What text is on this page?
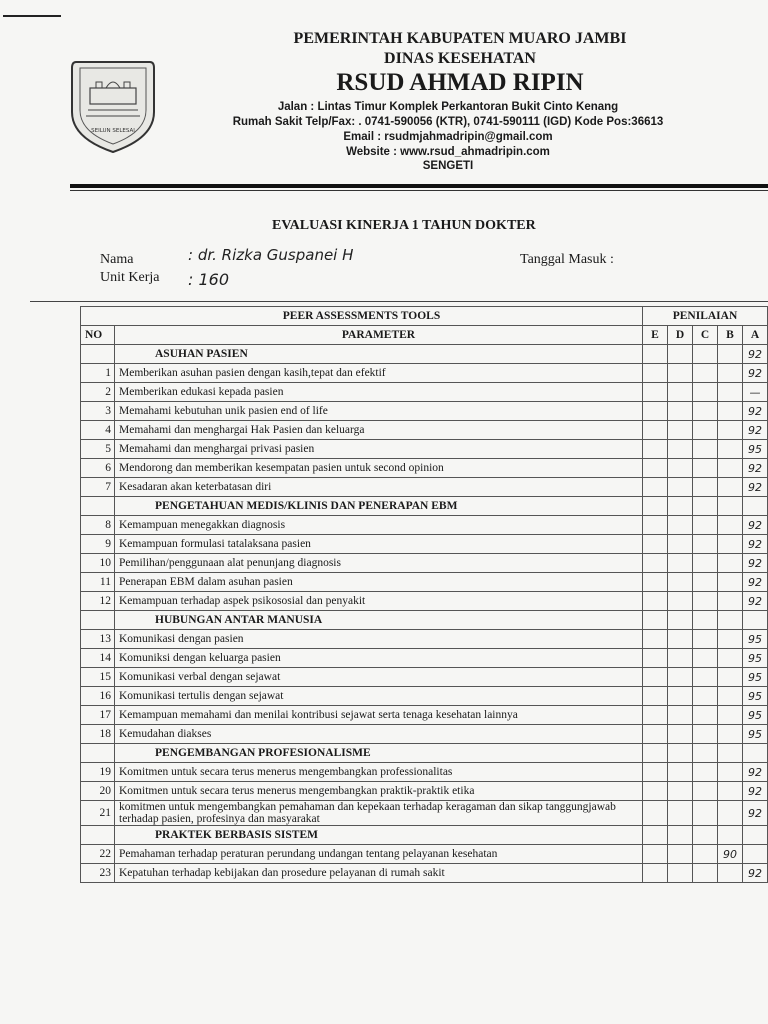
SEILUN SELESAI
PEMERINTAH KABUPATEN MUARO JAMBI
DINAS KESEHATAN
RSUD AHMAD RIPIN
Jalan : Lintas Timur Komplek Perkantoran Bukit Cinto Kenang
Rumah Sakit Telp/Fax: . 0741-590056 (KTR), 0741-590111 (IGD) Kode Pos:36613
Email : rsudmjahmadripin@gmail.com
Website : www.rsud_ahmadripin.com
SENGETI
EVALUASI KINERJA 1 TAHUN DOKTER
Nama	: dr. Rizka Guspanei H
Unit Kerja : 160
Tanggal Masuk :
PEER ASSESSMENTS TOOLS		PENILAIAN				
NO	PARAMETER	E	D	C	B	A
	ASUHAN PASIEN					92
1	Memberikan asuhan pasien dengan kasih,tepat dan efektif					92
2	Memberikan edukasi kepada pasien					—
3	Memahami kebutuhan unik pasien end of life					92
4	Memahami dan menghargai Hak Pasien dan keluarga					92
5	Memahami dan menghargai privasi pasien					95
6	Mendorong dan memberikan kesempatan pasien untuk second opinion					92
7	Kesadaran akan keterbatasan diri					92
	PENGETAHUAN MEDIS/KLINIS DAN PENERAPAN EBM					
8	Kemampuan menegakkan diagnosis					92
9	Kemampuan formulasi tatalaksana pasien					92
10	Pemilihan/penggunaan alat penunjang diagnosis					92
11	Penerapan EBM dalam asuhan pasien					92
12	Kemampuan terhadap aspek psikososial dan penyakit					92
	HUBUNGAN ANTAR MANUSIA					
13	Komunikasi dengan pasien					95
14	Komuniksi dengan keluarga pasien					95
15	Komunikasi verbal dengan sejawat					95
16	Komunikasi tertulis dengan sejawat					95
17	Kemampuan memahami dan menilai kontribusi sejawat serta tenaga kesehatan lainnya					95
18	Kemudahan diakses					95
	PENGEMBANGAN PROFESIONALISME					
19	Komitmen untuk secara terus menerus mengembangkan professionalitas					92
20	Komitmen untuk secara terus menerus mengembangkan praktik-praktik etika					92
21	komitmen untuk mengembangkan pemahaman dan kepekaan terhadap keragaman dan sikap tanggungjawab terhadap pasien, profesinya dan masyarakat					92
	PRAKTEK BERBASIS SISTEM					
22	Pemahaman terhadap peraturan perundang undangan tentang pelayanan kesehatan				90	
23	Kepatuhan terhadap kebijakan dan prosedure pelayanan di rumah sakit					92
